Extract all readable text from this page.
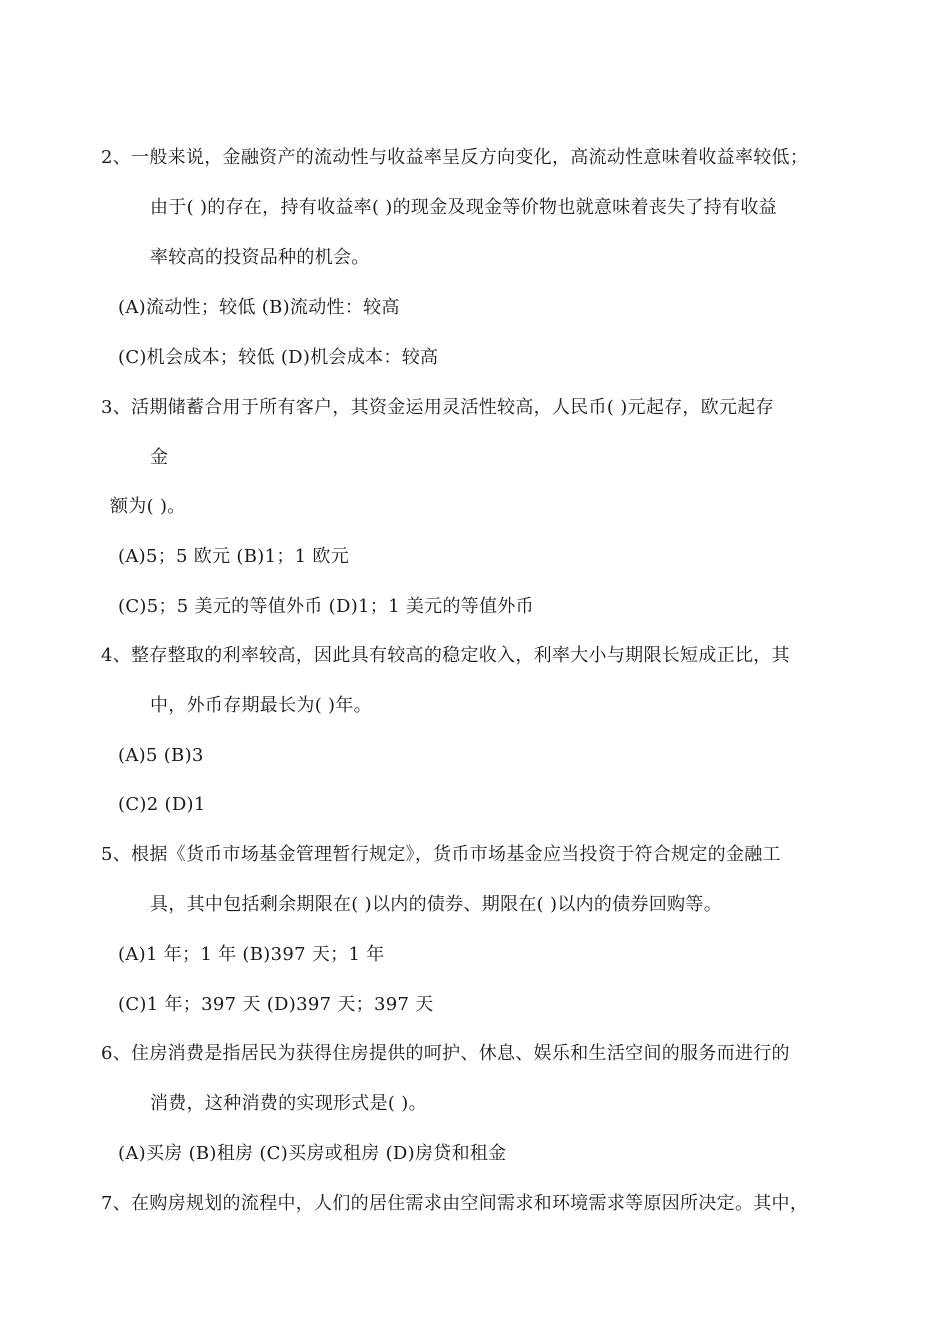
2、一般来说，金融资产的流动性与收益率呈反方向变化，高流动性意味着收益率较低；
由于( )的存在，持有收益率( )的现金及现金等价物也就意味着丧失了持有收益
率较高的投资品种的机会。
(A)流动性；较低 (B)流动性：较高
(C)机会成本；较低 (D)机会成本：较高
3、活期储蓄合用于所有客户，其资金运用灵活性较高，人民币( )元起存，欧元起存
金
额为( )。
(A)5；5 欧元 (B)1；1 欧元
(C)5；5 美元的等值外币 (D)1；1 美元的等值外币
4、整存整取的利率较高，因此具有较高的稳定收入，利率大小与期限长短成正比，其
中，外币存期最长为( )年。
(A)5 (B)3
(C)2 (D)1
5、根据《货币市场基金管理暂行规定》，货币市场基金应当投资于符合规定的金融工
具，其中包括剩余期限在( )以内的债券、期限在( )以内的债券回购等。
(A)1 年；1 年 (B)397 天；1 年
(C)1 年；397 天 (D)397 天；397 天
6、住房消费是指居民为获得住房提供的呵护、休息、娱乐和生活空间的服务而进行的
消费，这种消费的实现形式是( )。
(A)买房 (B)租房 (C)买房或租房 (D)房贷和租金
7、在购房规划的流程中，人们的居住需求由空间需求和环境需求等原因所决定。其中，
